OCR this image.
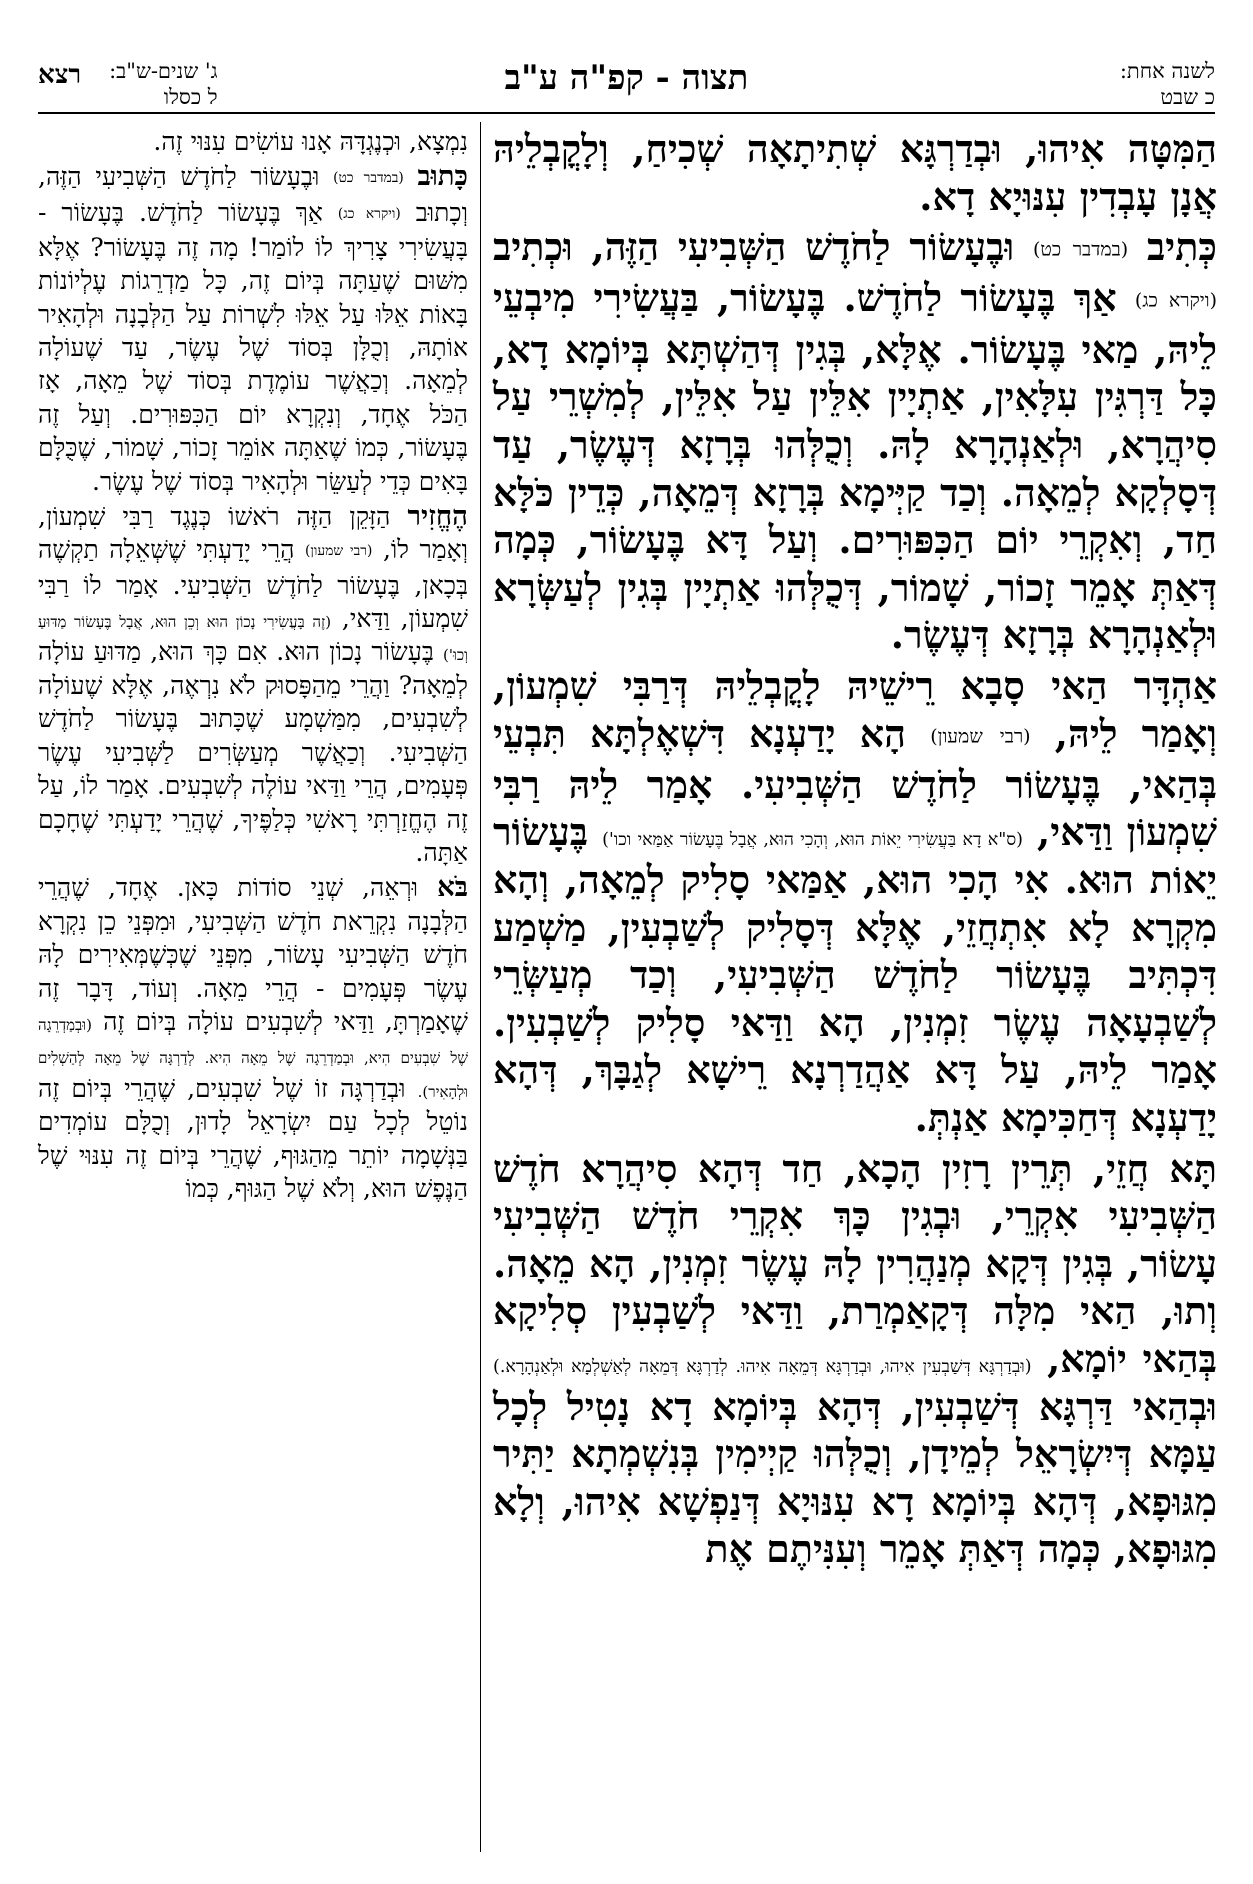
לשנה אחת:
כ שבט
תצוה - קפ"ה ע"ב
ג' שנים-ש"ב:
ל כסלו
רצא

הַמִּטָּה אִיהוּ, וּבְדַרְגָּא שְׁתִיתָאָה שְׁכִיחַ, וְלָקֳבְלֵיהּ אֲנָן עָבְדִין עִנּוּיָא דָא.

כְּתִיב (במדבר כט) וּבֶעָשׂוֹר לַחֹדֶשׁ הַשְּׁבִיעִי הַזֶּה, וּכְתִיב (ויקרא כג) אַךְ בֶּעָשׂוֹר לַחֹדֶשׁ. בֶּעָשׂוֹר, בַּעֲשִׂירִי מִיבְעֵי לֵיהּ, מַאי בֶּעָשׂוֹר. אֶלָּא, בְּגִין דְּהַשְׁתָּא בְּיוֹמָא דָא, כָּל דַּרְגִּין עִלָּאִין, אַתְיָין אִלֵּין עַל אִלֵּין, לְמִשְׁרֵי עַל סִיהֲרָא, וּלְאַנְהָרָא לָהּ. וְכֻלְּהוּ בְּרָזָא דְּעֶשֶׂר, עַד דְּסָלְקָא לְמֵאָה. וְכַד קַיְּימָא בְּרָזָא דְּמֵאָה, כְּדֵין כֹּלָּא חַד, וְאִקְרֵי יוֹם הַכִּפּוּרִים. וְעַל דָּא בֶּעָשׂוֹר, כְּמָה דְּאַתְּ אָמֵר זָכוֹר, שָׁמוֹר, דְּכֻלְּהוּ אַתְיָין בְּגִין לְעַשְּׂרָא וּלְאַנְהָרָא בְּרָזָא דְּעֶשֶׂר.

אַהְדָּר הַאי סָבָא רֵישֵׁיהּ לָקֳבְלֵיהּ דְּרַבִּי שִׁמְעוֹן, וְאָמַר לֵיהּ, (רבי שמעון) הָא יָדַעְנָא דִּשְׁאֶלְתָּא תִּבְעֵי בְּהַאי, בֶּעָשׂוֹר לַחֹדֶשׁ הַשְּׁבִיעִי. אָמַר לֵיהּ רַבִּי שִׁמְעוֹן וַדַּאי, (ס"א דָא בַּעֲשִׂירִי יֵאוֹת הוּא, וְהָכִי הוּא, אֲבָל בֶּעָשׂוֹר אַמַּאי וכו') בֶּעָשׂוֹר יֵאוֹת הוּא. אִי הָכִי הוּא, אַמַּאי סָלִיק לְמֵאָה, וְהָא מִקְרָא לָא אִתְחֲזֵי, אֶלָּא דְּסָלִיק לְשַׁבְעִין, מַשְׁמַע דִּכְתִּיב בֶּעָשׂוֹר לַחֹדֶשׁ הַשְּׁבִיעִי, וְכַד מְעַשְּׂרֵי לְשַׁבְעָאָה עֶשֶׂר זִמְנִין, הָא וַדַּאי סָלִיק לְשַׁבְעִין. אָמַר לֵיהּ, עַל דָּא אַהֲדַרְנָא רֵישָׁא לְגַבָּךְ, דְּהָא יָדַעְנָא דְּחַכִּימָא אַנְתְּ.

תָּא חֲזֵי, תְּרֵין רָזִין הָכָא, חַד דְּהָא סִיהֲרָא חֹדֶשׁ הַשְּׁבִיעִי אִקְרֵי, וּבְגִין כָּךְ אִקְרֵי חֹדֶשׁ הַשְּׁבִיעִי עָשׂוֹר, בְּגִין דְּקָא מְנַהֲרִין לָהּ עֶשֶׂר זִמְנִין, הָא מֵאָה. וְתוּ, הַאי מִלָּה דְּקָאַמְרַת, וַדַּאי לְשַׁבְעִין סְלִיקָא בְּהַאי יוֹמָא, (וּבְדַרְגָּא דְּשַׁבְעִין אִיהוּ, וּבְדַרְגָּא דְּמֵאָה אִיהוּ. לְדַרְגָּא דְּמֵאָה לְאַשְׁלְמָא וּלְאַנְהָרָא.) וּבְהַאי דַּרְגָּא דְּשַׁבְעִין, דְּהָא בְּיוֹמָא דָא נָטִיל לְכָל עַמָּא דְּיִשְׂרָאֵל לְמֵידָן, וְכֻלְּהוּ קַיְימִין בְּנִשְׁמְתָא יַתִּיר מִגּוּפָא, דְּהָא בְּיוֹמָא דָא עִנּוּיָא דְּנַפְשָׁא אִיהוּ, וְלָא מִגּוּפָא, כְּמָה דְּאַתְּ אָמֵר וְעִנִּיתֶם אֶת

נִמְצָא, וּכְנֶגְדָּהּ אָנוּ עוֹשִׂים עִנּוּי זֶה.

כָּתוּב (במדבר כט) וּבֶעָשׂוֹר לַחֹדֶשׁ הַשְּׁבִיעִי הַזֶּה, וְכָתוּב (ויקרא כג) אַךְ בֶּעָשׂוֹר לַחֹדֶשׁ. בֶּעָשׂוֹר - בָּעֲשִׂירִי צָרִיךְ לוֹ לוֹמַר! מָה זֶה בֶּעָשׂוֹר? אֶלָּא מִשּׁוּם שֶׁעַתָּה בְּיוֹם זֶה, כָּל מַדְרֵגוֹת עֶלְיוֹנוֹת בָּאוֹת אֵלּוּ עַל אֵלּוּ לִשְׁרוֹת עַל הַלְּבָנָה וּלְהָאִיר אוֹתָהּ, וְכֻלָּן בְּסוֹד שֶׁל עֶשֶׂר, עַד שֶׁעוֹלָה לְמֵאָה. וְכַאֲשֶׁר עוֹמֶדֶת בְּסוֹד שֶׁל מֵאָה, אָז הַכֹּל אֶחָד, וְנִקְרָא יוֹם הַכִּפּוּרִים. וְעַל זֶה בֶּעָשׂוֹר, כְּמוֹ שֶׁאַתָּה אוֹמֵר זָכוֹר, שָׁמוֹר, שֶׁכֻּלָּם בָּאִים כְּדֵי לְעַשֵּׂר וּלְהָאִיר בְּסוֹד שֶׁל עֶשֶׂר.

הֶחֱזִיר הַזָּקֵן הַזֶּה רֹאשׁוֹ כְּנֶגֶד רַבִּי שִׁמְעוֹן, וְאָמַר לוֹ, (רבי שמעון) הֲרֵי יָדַעְתִּי שֶׁשְּׁאֵלָה תַקְשֶׁה בְּכָאן, בֶּעָשׂוֹר לַחֹדֶשׁ הַשְּׁבִיעִי. אָמַר לוֹ רַבִּי שִׁמְעוֹן, וַדַּאי, (זֶה בָּעֲשִׂירִי נָכוֹן הוּא וְכֵן הוּא, אֲבָל בֶּעָשׂוֹר מַדּוּעַ וְכוּ') בֶּעָשׂוֹר נָכוֹן הוּא. אִם כָּךְ הוּא, מַדּוּעַ עוֹלָה לְמֵאָה? וַהֲרֵי מֵהַפָּסוּק לֹא נִרְאֶה, אֶלָּא שֶׁעוֹלָה לְשִׁבְעִים, מִמַּשְׁמָע שֶׁכָּתוּב בֶּעָשׂוֹר לַחֹדֶשׁ הַשְּׁבִיעִי. וְכַאֲשֶׁר מְעַשְּׂרִים לַשְּׁבִיעִי עֶשֶׂר פְּעָמִים, הֲרֵי וַדַּאי עוֹלֶה לְשִׁבְעִים. אָמַר לוֹ, עַל זֶה הֶחֱזַרְתִּי רָאשִׁי כְּלַפֶּיךָ, שֶׁהֲרֵי יָדַעְתִּי שֶׁחָכָם אַתָּה.

בֹּא וּרְאֵה, שְׁנֵי סוֹדוֹת כָּאן. אֶחָד, שֶׁהֲרֵי הַלְּבָנָה נִקְרֵאת חֹדֶשׁ הַשְּׁבִיעִי, וּמִפְּנֵי כֵן נִקְרָא חֹדֶשׁ הַשְּׁבִיעִי עָשׂוֹר, מִפְּנֵי שֶׁכְּשֶׁמְּאִירִים לָהּ עֶשֶׂר פְּעָמִים - הֲרֵי מֵאָה. וְעוֹד, דָּבָר זֶה שֶׁאָמַרְתָּ, וַדַּאי לְשִׁבְעִים עוֹלָה בְּיוֹם זֶה (וּבְמַדְרֵגָה שֶׁל שִׁבְעִים הִיא, וּבְמַדְרֵגָה שֶׁל מֵאָה הִיא. לְדַרְגָּה שֶׁל מֵאָה לְהַשְׁלִים וּלְהָאִיר). וּבְדַרְגָּה זוֹ שֶׁל שִׁבְעִים, שֶׁהֲרֵי בְּיוֹם זֶה נוֹטֵל לְכָל עַם יִשְׂרָאֵל לָדוּן, וְכֻלָּם עוֹמְדִים בַּנְּשָׁמָה יוֹתֵר מֵהַגּוּף, שֶׁהֲרֵי בְּיוֹם זֶה עִנּוּי שֶׁל הַנֶּפֶשׁ הוּא, וְלֹא שֶׁל הַגּוּף, כְּמוֹ
